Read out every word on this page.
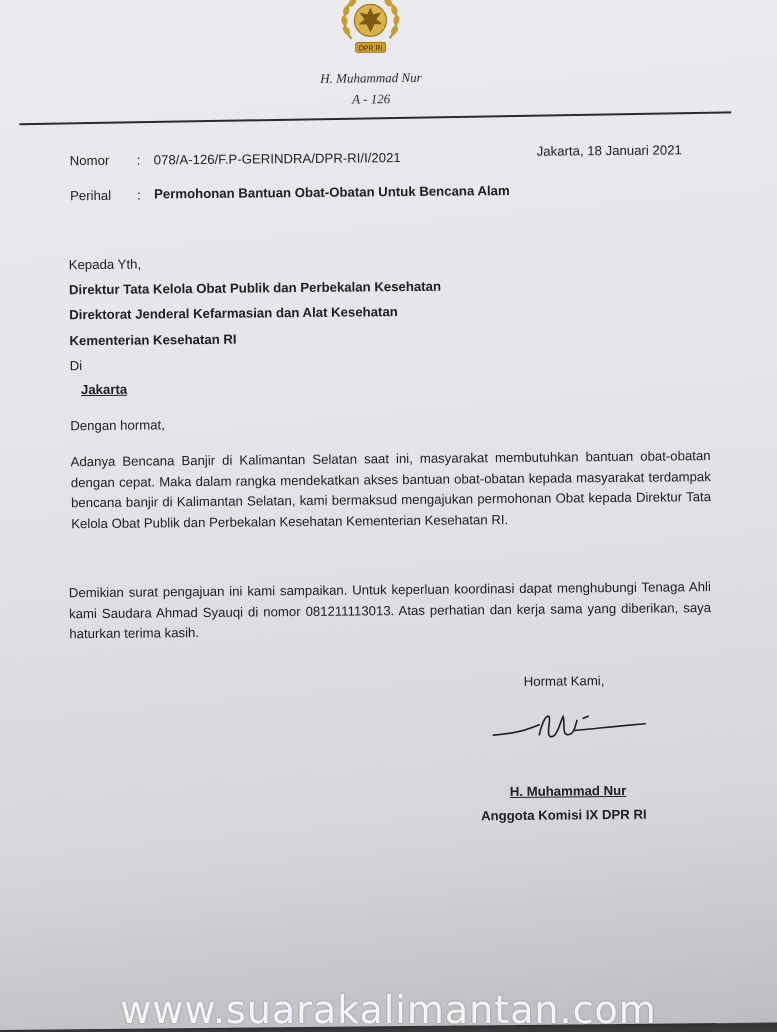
DPR RI
H. Muhammad Nur
A - 126
Nomor : 078/A-126/F.P-GERINDRA/DPR-RI/I/2021	Jakarta, 18 Januari 2021
Perihal : Permohonan Bantuan Obat-Obatan Untuk Bencana Alam
Kepada Yth,
Direktur Tata Kelola Obat Publik dan Perbekalan Kesehatan
Direktorat Jenderal Kefarmasian dan Alat Kesehatan
Kementerian Kesehatan RI
Di
Jakarta
Dengan hormat,
Adanya Bencana Banjir di Kalimantan Selatan saat ini, masyarakat membutuhkan bantuan obat-obatan dengan cepat. Maka dalam rangka mendekatkan akses bantuan obat-obatan kepada masyarakat terdampak bencana banjir di Kalimantan Selatan, kami bermaksud mengajukan permohonan Obat kepada Direktur Tata Kelola Obat Publik dan Perbekalan Kesehatan Kementerian Kesehatan RI.
Demikian surat pengajuan ini kami sampaikan. Untuk keperluan koordinasi dapat menghubungi Tenaga Ahli kami Saudara Ahmad Syauqi di nomor 081211113013. Atas perhatian dan kerja sama yang diberikan, saya haturkan terima kasih.
Hormat Kami,
H. Muhammad Nur
Anggota Komisi IX DPR RI
www.suarakalimantan.com
